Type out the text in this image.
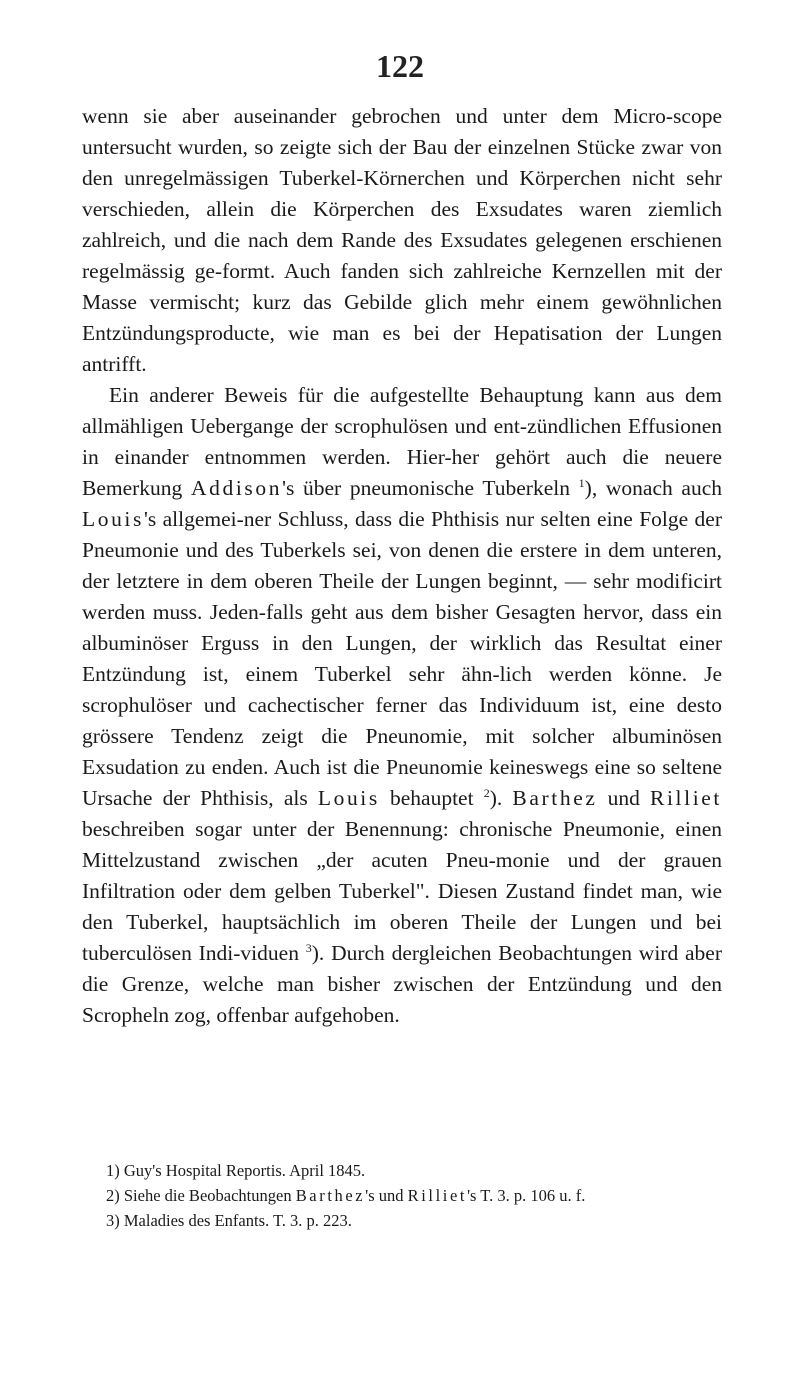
122

wenn sie aber auseinander gebrochen und unter dem Micro-scope untersucht wurden, so zeigte sich der Bau der einzelnen Stücke zwar von den unregelmässigen Tuberkel-Körnerchen und Körperchen nicht sehr verschieden, allein die Körperchen des Exsudates waren ziemlich zahlreich, und die nach dem Rande des Exsudates gelegenen erschienen regelmässig ge-formt. Auch fanden sich zahlreiche Kernzellen mit der Masse vermischt; kurz das Gebilde glich mehr einem gewöhnlichen Entzündungsproducte, wie man es bei der Hepatisation der Lungen antrifft.

Ein anderer Beweis für die aufgestellte Behauptung kann aus dem allmähligen Uebergange der scrophulösen und ent-zündlichen Effusionen in einander entnommen werden. Hier-her gehört auch die neuere Bemerkung Addison's über pneumonische Tuberkeln $^1$), wonach auch Louis's allgemei-ner Schluss, dass die Phthisis nur selten eine Folge der Pneumonie und des Tuberkels sei, von denen die erstere in dem unteren, der letztere in dem oberen Theile der Lungen beginnt, — sehr modificirt werden muss. Jeden-falls geht aus dem bisher Gesagten hervor, dass ein albuminöser Erguss in den Lungen, der wirklich das Resultat einer Entzündung ist, einem Tuberkel sehr ähn-lich werden könne. Je scrophulöser und cachectischer ferner das Individuum ist, eine desto grössere Tendenz zeigt die Pneunomie, mit solcher albuminösen Exsudation zu enden. Auch ist die Pneunomie keineswegs eine so seltene Ursache der Phthisis, als Louis behauptet $^2$). Barthez und Rilliet beschreiben sogar unter der Benennung: chronische Pneumonie, einen Mittelzustand zwischen „der acuten Pneu-monie und der grauen Infiltration oder dem gelben Tuberkel". Diesen Zustand findet man, wie den Tuberkel, hauptsächlich im oberen Theile der Lungen und bei tuberculösen Indi-viduen $^3$). Durch dergleichen Beobachtungen wird aber die Grenze, welche man bisher zwischen der Entzündung und den Scropheln zog, offenbar aufgehoben.

1) Guy's Hospital Reportis. April 1845.

2) Siehe die Beobachtungen Barthez's und Rilliet's T. 3. p. 106 u. f.

3) Maladies des Enfants. T. 3. p. 223.
